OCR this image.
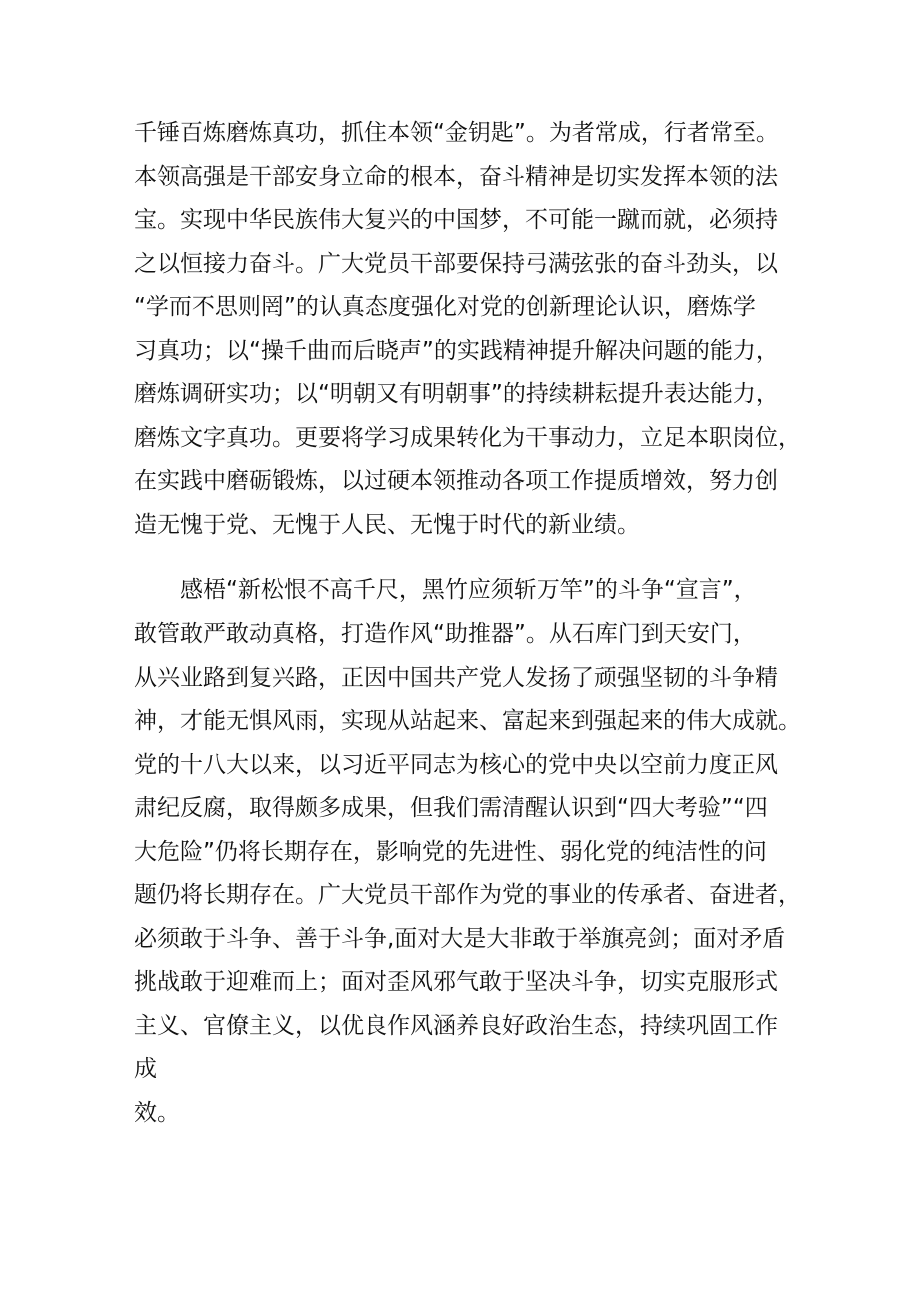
千锤百炼磨炼真功，抓住本领“金钥匙”。为者常成，行者常至。
本领高强是干部安身立命的根本，奋斗精神是切实发挥本领的法
宝。实现中华民族伟大复兴的中国梦，不可能一蹴而就，必须持
之以恒接力奋斗。广大党员干部要保持弓满弦张的奋斗劲头，以
“学而不思则罔”的认真态度强化对党的创新理论认识，磨炼学
习真功；以“操千曲而后晓声”的实践精神提升解决问题的能力，
磨炼调研实功；以“明朝又有明朝事”的持续耕耘提升表达能力，
磨炼文字真功。更要将学习成果转化为干事动力，立足本职岗位，
在实践中磨砺锻炼，以过硬本领推动各项工作提质增效，努力创
造无愧于党、无愧于人民、无愧于时代的新业绩。
感梧“新松恨不高千尺，黑竹应须斩万竿”的斗争“宣言”，
敢管敢严敢动真格，打造作风“助推器”。从石库门到天安门，
从兴业路到复兴路，正因中国共产党人发扬了顽强坚韧的斗争精
神，才能无惧风雨，实现从站起来、富起来到强起来的伟大成就。
党的十八大以来，以习近平同志为核心的党中央以空前力度正风
肃纪反腐，取得颇多成果，但我们需清醒认识到“四大考验”“四
大危险”仍将长期存在，影响党的先进性、弱化党的纯洁性的问
题仍将长期存在。广大党员干部作为党的事业的传承者、奋进者，
必须敢于斗争、善于斗争,面对大是大非敢于举旗亮剑；面对矛盾
挑战敢于迎难而上；面对歪风邪气敢于坚决斗争，切实克服形式
主义、官僚主义，以优良作风涵养良好政治生态，持续巩固工作
成
效。
